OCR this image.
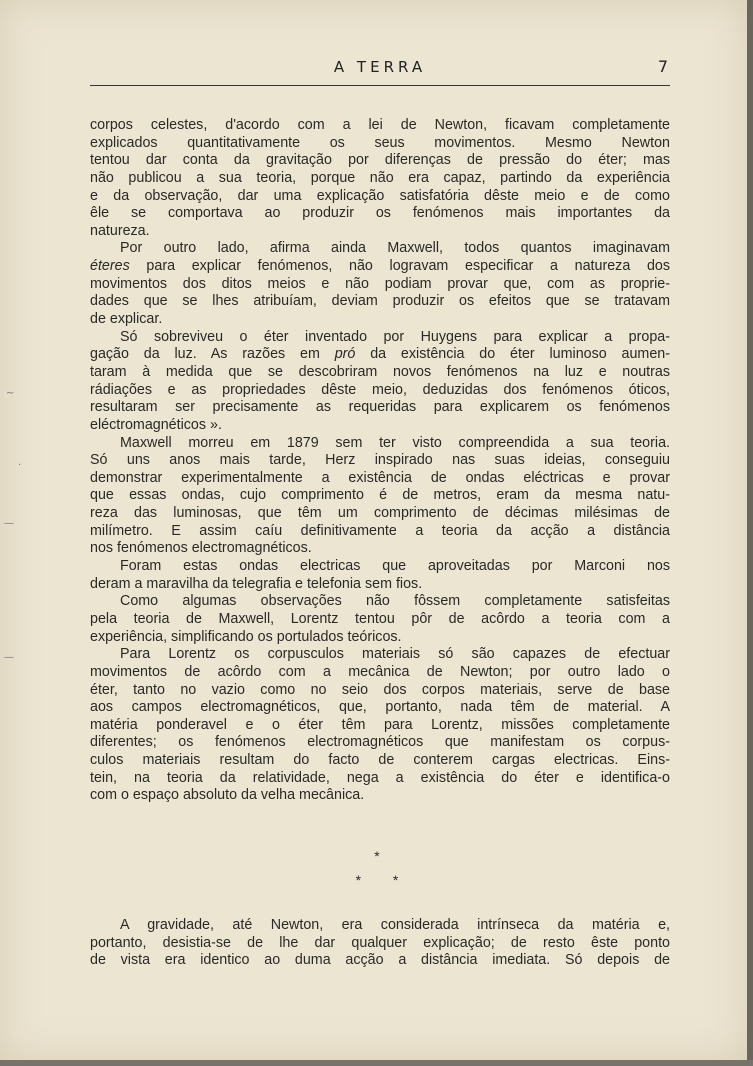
A TERRA	7
corpos celestes, d'acordo com a lei de Newton, ficavam completamente
explicados quantitativamente os seus movimentos. Mesmo Newton
tentou dar conta da gravitação por diferenças de pressão do éter; mas
não publicou a sua teoria, porque não era capaz, partindo da experiência
e da observação, dar uma explicação satisfatória dêste meio e de como
êle se comportava ao produzir os fenómenos mais importantes da
natureza.
Por outro lado, afirma ainda Maxwell, todos quantos imaginavam
éteres para explicar fenómenos, não logravam especificar a natureza dos
movimentos dos ditos meios e não podiam provar que, com as proprie-
dades que se lhes atribuíam, deviam produzir os efeitos que se tratavam
de explicar.
Só sobreviveu o éter inventado por Huygens para explicar a propa-
gação da luz. As razões em pró da existência do éter luminoso aumen-
taram à medida que se descobriram novos fenómenos na luz e noutras
rádiações e as propriedades dêste meio, deduzidas dos fenómenos óticos,
resultaram ser precisamente as requeridas para explicarem os fenómenos
eléctromagnéticos ».
Maxwell morreu em 1879 sem ter visto compreendida a sua teoria.
Só uns anos mais tarde, Herz inspirado nas suas ideias, conseguiu
demonstrar experimentalmente a existência de ondas eléctricas e provar
que essas ondas, cujo comprimento é de metros, eram da mesma natu-
reza das luminosas, que têm um comprimento de décimas milésimas de
milímetro. E assim caíu definitivamente a teoria da acção a distância
nos fenómenos electromagnéticos.
Foram estas ondas electricas que aproveitadas por Marconi nos
deram a maravilha da telegrafia e telefonia sem fios.
Como algumas observações não fôssem completamente satisfeitas
pela teoria de Maxwell, Lorentz tentou pôr de acôrdo a teoria com a
experiência, simplificando os portulados teóricos.
Para Lorentz os corpusculos materiais só são capazes de efectuar
movimentos de acôrdo com a mecânica de Newton; por outro lado o
éter, tanto no vazio como no seio dos corpos materiais, serve de base
aos campos electromagnéticos, que, portanto, nada têm de material. A
matéria ponderavel e o éter têm para Lorentz, missões completamente
diferentes; os fenómenos electromagnéticos que manifestam os corpus-
culos materiais resultam do facto de conterem cargas electricas. Eins-
tein, na teoria da relatividade, nega a existência do éter e identifica-o
com o espaço absoluto da velha mecânica.
*
* *
A gravidade, até Newton, era considerada intrínseca da matéria e,
portanto, desistia-se de lhe dar qualquer explicação; de resto êste ponto
de vista era identico ao duma acção a distância imediata. Só depois de
~
·
—
—
